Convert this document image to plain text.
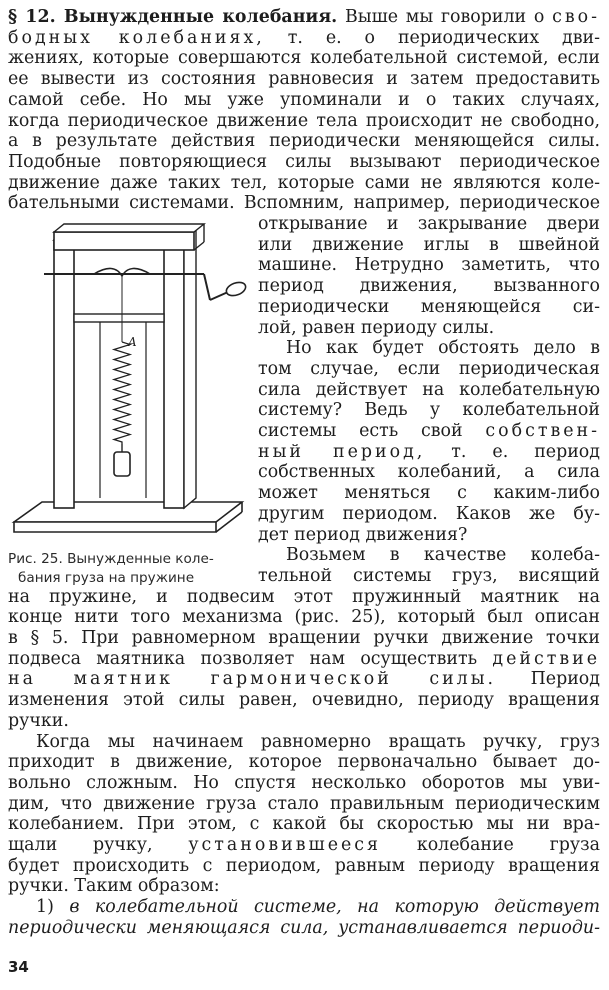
§ 12. Вынужденные колебания. Выше мы говорили о сво-
бодных колебаниях, т. е. о периодических дви-
жениях, которые совершаются колебательной системой, если
ее вывести из состояния равновесия и затем предоставить
самой себе. Но мы уже упоминали и о таких случаях,
когда периодическое движение тела происходит не свободно,
а в результате действия периодически меняющейся силы.
Подобные повторяющиеся силы вызывают периодическое
движение даже таких тел, которые сами не являются коле-
бательными системами. Вспомним, например, периодическое
открывание и закрывание двери
или движение иглы в швейной
машине. Нетрудно заметить, что
период движения, вызванного
периодически меняющейся си-
лой, равен периоду силы.
Но как будет обстоять дело в
том случае, если периодическая
сила действует на колебательную
систему? Ведь у колебательной
системы есть свой собствен-
ный период, т. е. период
собственных колебаний, а сила
может меняться с каким-либо
другим периодом. Каков же бу-
дет период движения?
Возьмем в качестве колеба-
тельной системы груз, висящий
на пружине, и подвесим этот пружинный маятник на
конце нити того механизма (рис. 25), который был описан
в § 5. При равномерном вращении ручки движение точки
подвеса маятника позволяет нам осуществить действие
на маятник гармонической силы. Период
изменения этой силы равен, очевидно, периоду вращения
ручки.
Когда мы начинаем равномерно вращать ручку, груз
приходит в движение, которое первоначально бывает до-
вольно сложным. Но спустя несколько оборотов мы уви-
дим, что движение груза стало правильным периодическим
колебанием. При этом, с какой бы скоростью мы ни вра-
щали ручку, установившееся колебание груза
будет происходить с периодом, равным периоду вращения
ручки. Таким образом:
1) в колебательной системе, на которую действует
периодически меняющаяся сила, устанавливается периоди-
A
Рис. 25. Вынужденные коле-
бания груза на пружине
34
